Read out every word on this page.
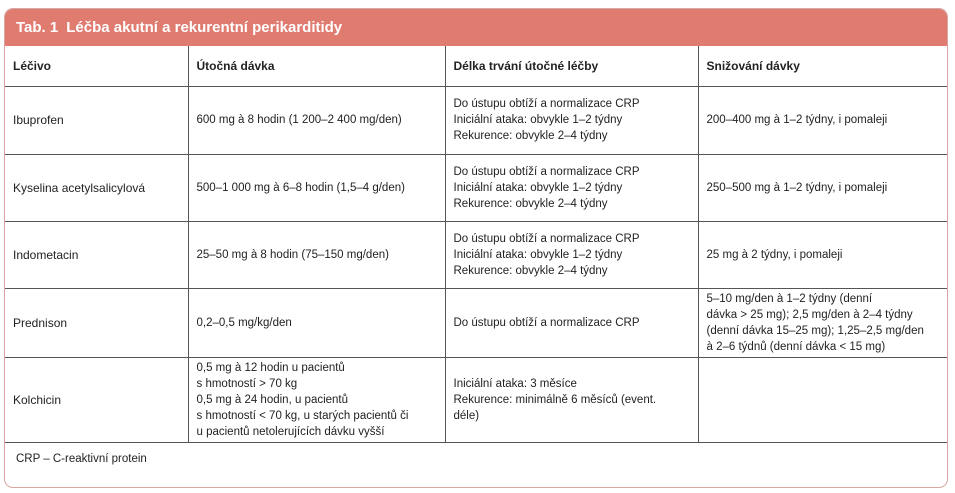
Tab. 1 Léčba akutní a rekurentní perikarditidy
Léčivo	Útočná dávka	Délka trvání útočné léčby	Snižování dávky
Ibuprofen	600 mg à 8 hodin (1 200–2 400 mg/den)	Do ústupu obtíží a normalizace CRP
Iniciální ataka: obvykle 1–2 týdny
Rekurence: obvykle 2–4 týdny	200–400 mg à 1–2 týdny, i pomaleji

Kyselina acetylsalicylová	500–1 000 mg à 6–8 hodin (1,5–4 g/den)	Do ústupu obtíží a normalizace CRP
Iniciální ataka: obvykle 1–2 týdny
Rekurence: obvykle 2–4 týdny	250–500 mg à 1–2 týdny, i pomaleji

Indometacin	25–50 mg à 8 hodin (75–150 mg/den)	Do ústupu obtíží a normalizace CRP
Iniciální ataka: obvykle 1–2 týdny
Rekurence: obvykle 2–4 týdny	25 mg à 2 týdny, i pomaleji

Prednison	0,2–0,5 mg/kg/den	Do ústupu obtíží a normalizace CRP	5–10 mg/den à 1–2 týdny (denní
dávka > 25 mg); 2,5 mg/den à 2–4 týdny
(denní dávka 15–25 mg); 1,25–2,5 mg/den
à 2–6 týdnů (denní dávka < 15 mg)

Kolchicin	0,5 mg à 12 hodin u pacientů
s hmotností > 70 kg
0,5 mg à 24 hodin, u pacientů
s hmotností < 70 kg, u starých pacientů či
u pacientů netolerujících dávku vyšší	Iniciální ataka: 3 měsíce
Rekurence: minimálně 6 měsíců (event.
déle)	

CRP – C-reaktivní protein
